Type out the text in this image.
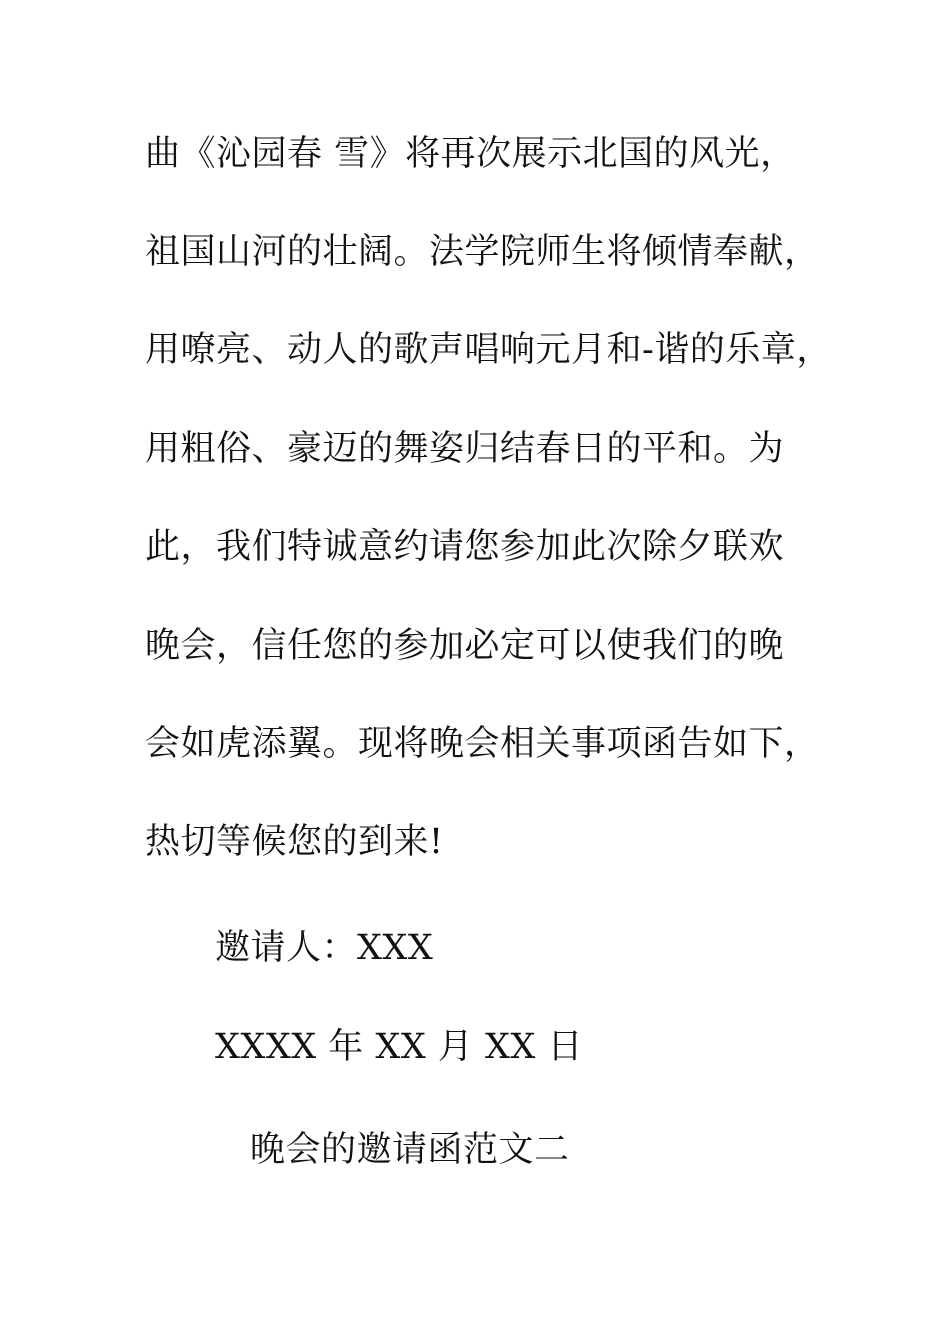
曲《沁园春 雪》将再次展示北国的风光，
祖国山河的壮阔。法学院师生将倾情奉献，
用嘹亮、动人的歌声唱响元月和-谐的乐章，
用粗俗、豪迈的舞姿归结春日的平和。为
此，我们特诚意约请您参加此次除夕联欢
晚会，信任您的参加必定可以使我们的晚
会如虎添翼。现将晚会相关事项函告如下，
热切等候您的到来!
邀请人：XXX
XXXX 年 XX 月 XX 日
晚会的邀请函范文二
